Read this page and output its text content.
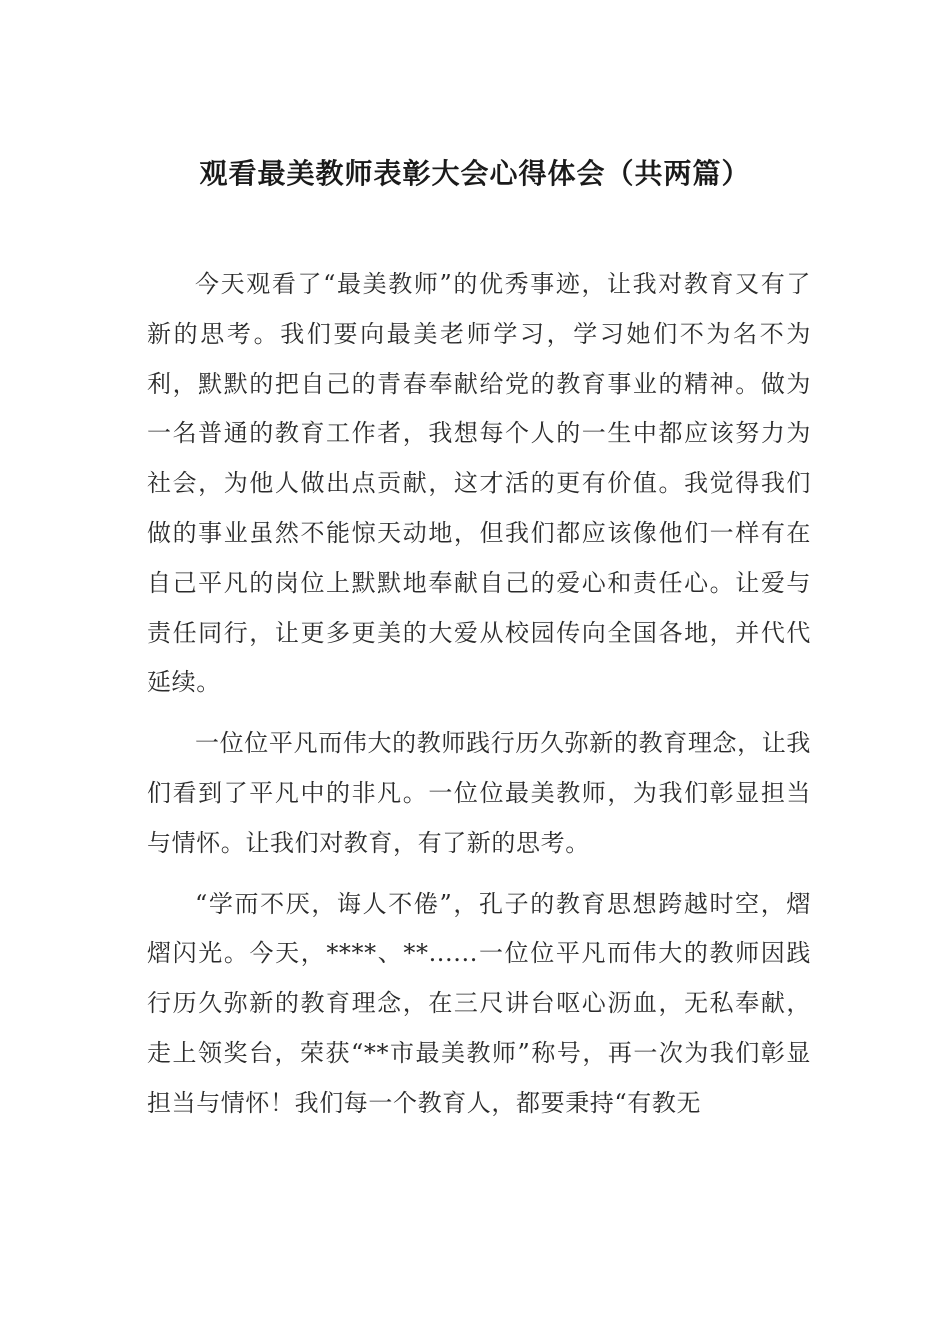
观看最美教师表彰大会心得体会（共两篇）

今天观看了“最美教师”的优秀事迹，让我对教育又有了新的思考。我们要向最美老师学习，学习她们不为名不为利，默默的把自己的青春奉献给党的教育事业的精神。做为一名普通的教育工作者，我想每个人的一生中都应该努力为社会，为他人做出点贡献，这才活的更有价值。我觉得我们做的事业虽然不能惊天动地，但我们都应该像他们一样有在自己平凡的岗位上默默地奉献自己的爱心和责任心。让爱与责任同行，让更多更美的大爱从校园传向全国各地，并代代延续。

一位位平凡而伟大的教师践行历久弥新的教育理念，让我们看到了平凡中的非凡。一位位最美教师，为我们彰显担当与情怀。让我们对教育，有了新的思考。

“学而不厌，诲人不倦”，孔子的教育思想跨越时空，熠熠闪光。今天，****、**......一位位平凡而伟大的教师因践行历久弥新的教育理念，在三尺讲台呕心沥血，无私奉献，走上领奖台，荣获“**市最美教师”称号，再一次为我们彰显担当与情怀！我们每一个教育人，都要秉持“有教无
